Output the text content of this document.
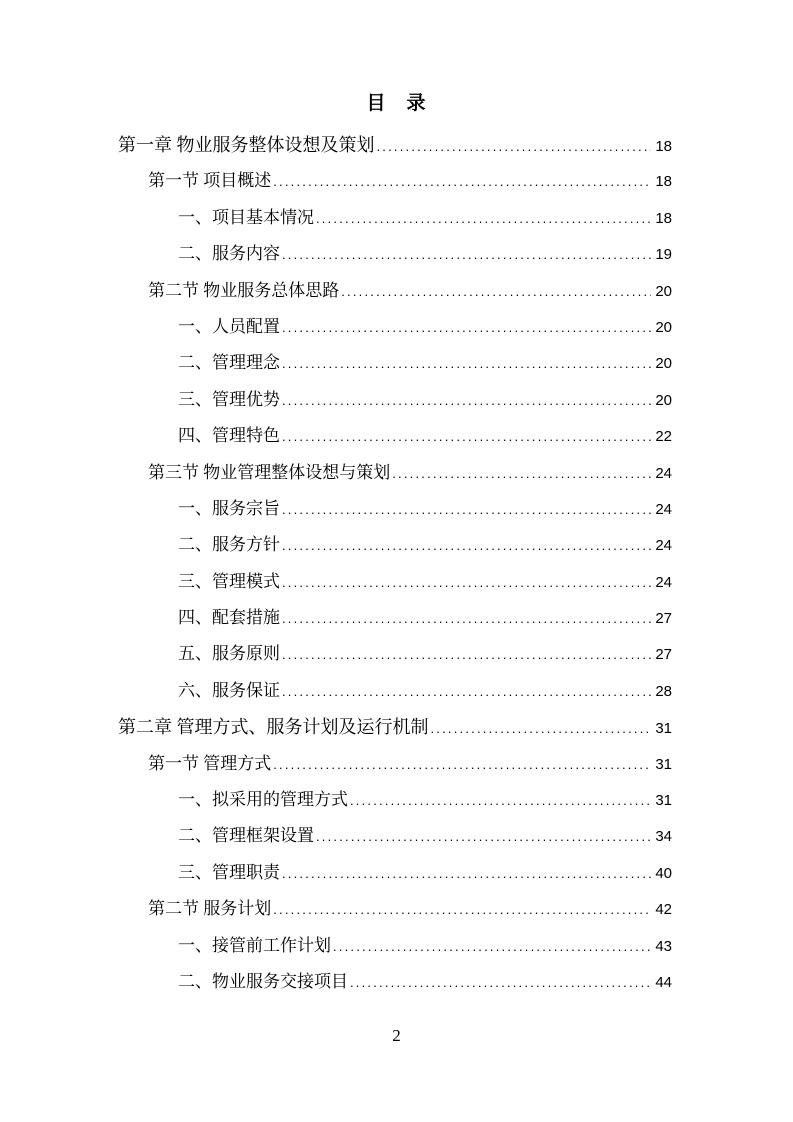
目　录
第一章 物业服务整体设想及策划 .....	18
第一节 项目概述 .....	18
一、项目基本情况 .....	18
二、服务内容 .....	19
第二节 物业服务总体思路 .....	20
一、人员配置 .....	20
二、管理理念 .....	20
三、管理优势 .....	20
四、管理特色 .....	22
第三节 物业管理整体设想与策划 .....	24
一、服务宗旨 .....	24
二、服务方针 .....	24
三、管理模式 .....	24
四、配套措施 .....	27
五、服务原则 .....	27
六、服务保证 .....	28
第二章 管理方式、服务计划及运行机制 .....	31
第一节 管理方式 .....	31
一、拟采用的管理方式 .....	31
二、管理框架设置 .....	34
三、管理职责 .....	40
第二节 服务计划 .....	42
一、接管前工作计划 .....	43
二、物业服务交接项目 .....	44
2
